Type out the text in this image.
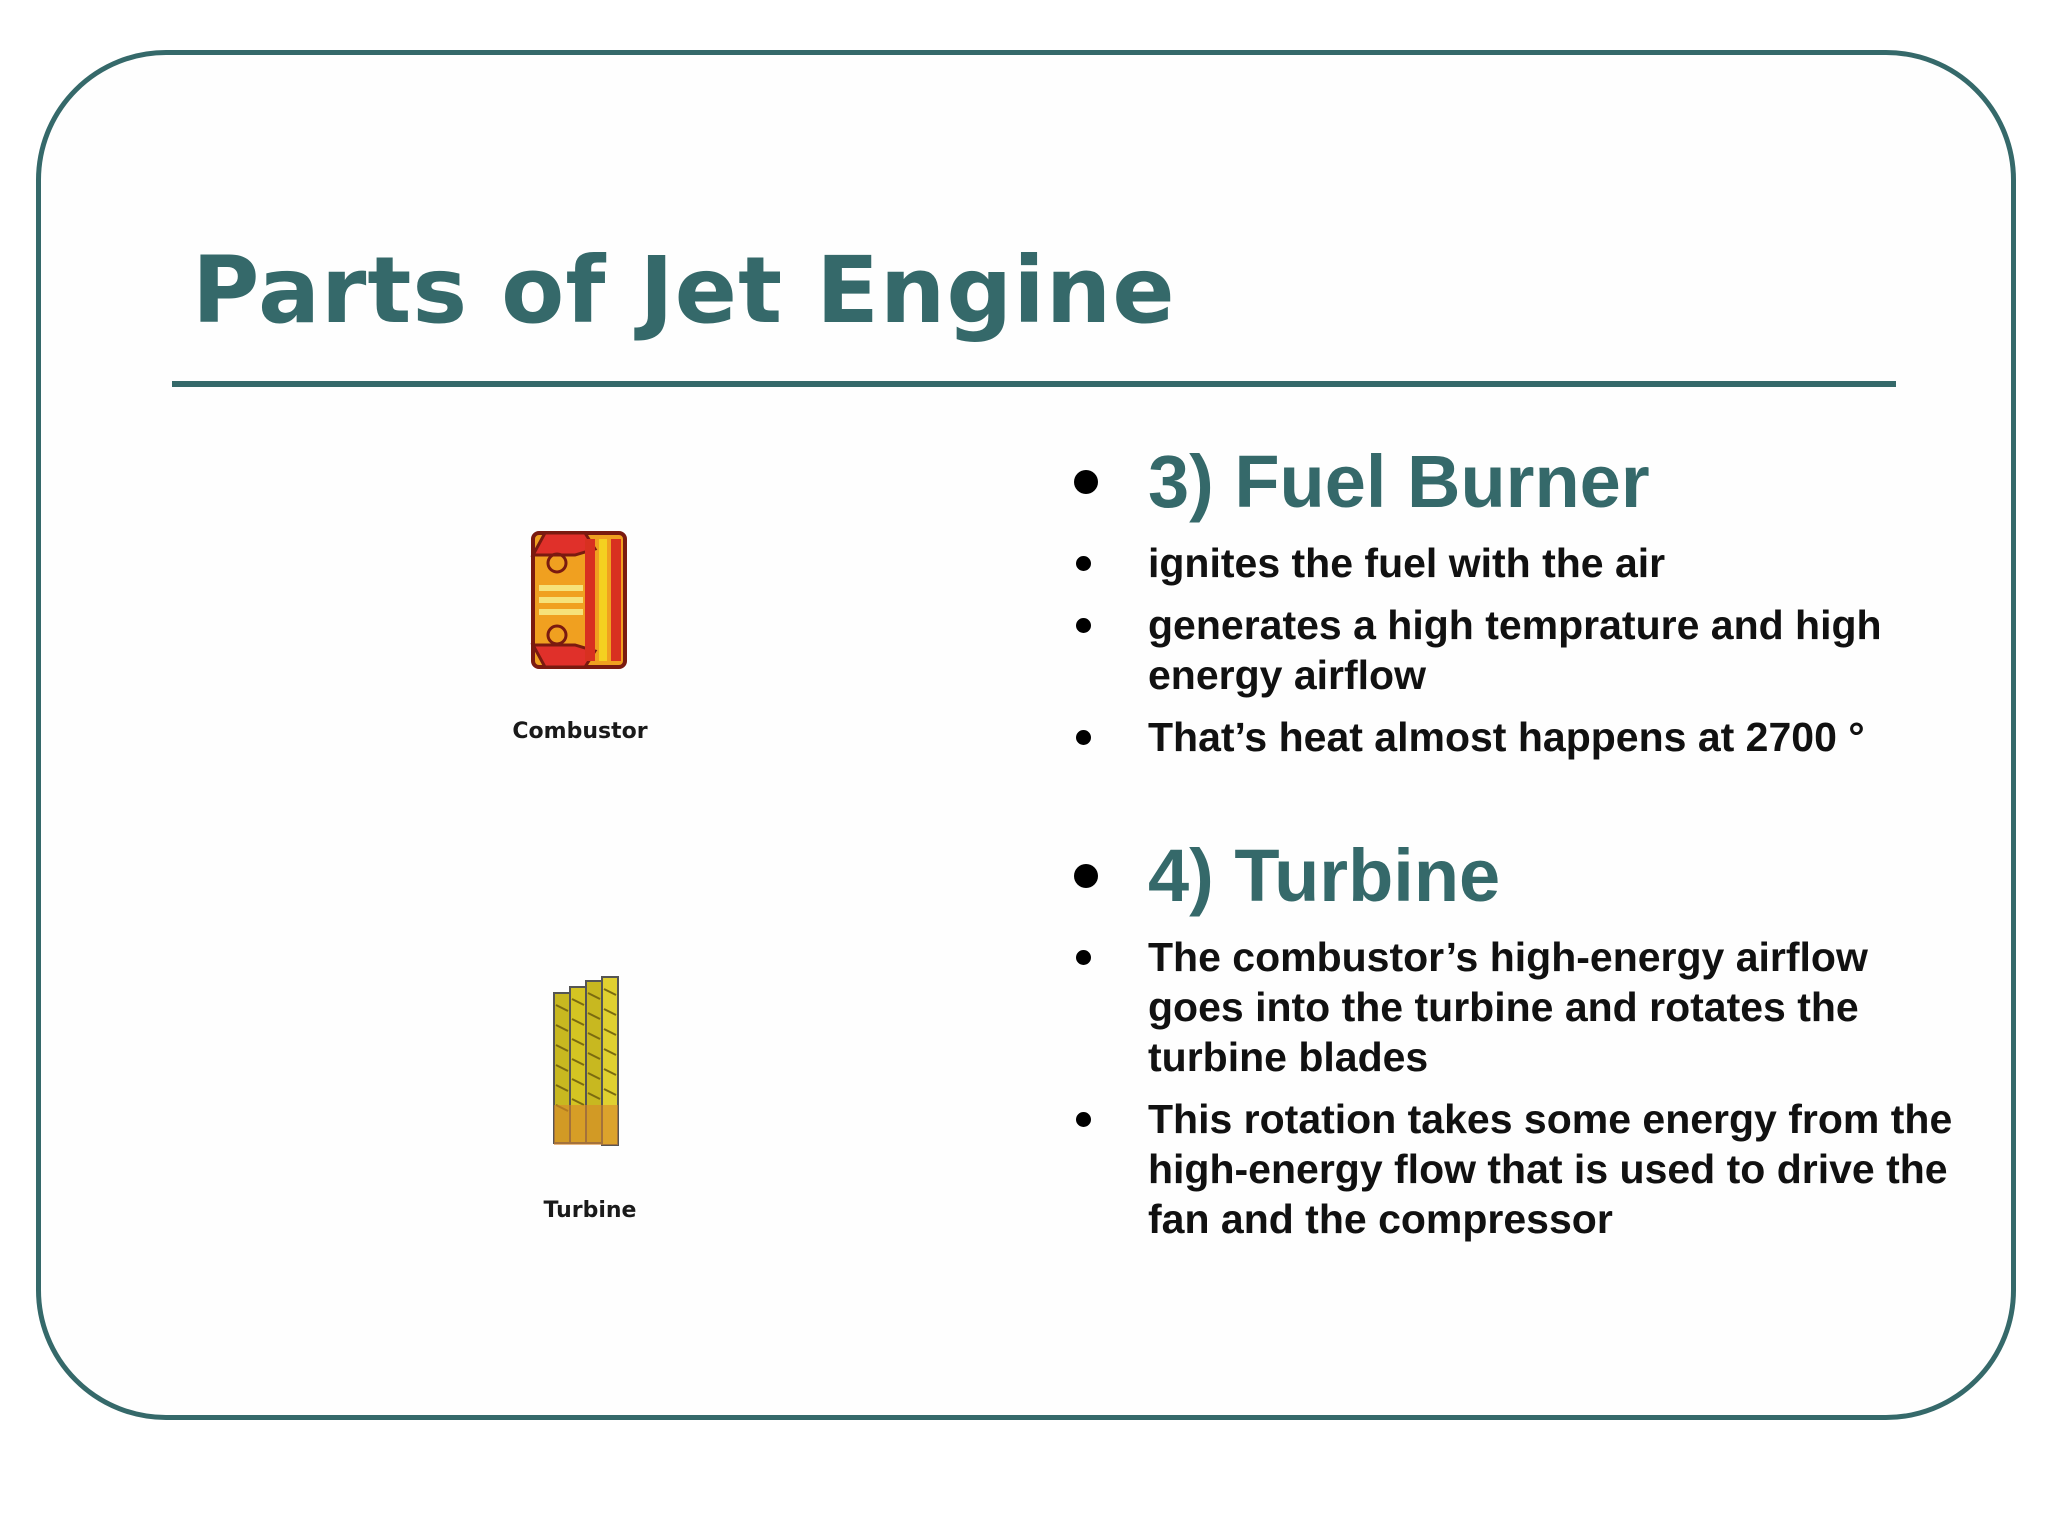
Parts of Jet Engine
Combustor
Turbine
3) Fuel Burner
ignites the fuel with the air
generates a high temprature and high energy airflow
That’s heat almost happens at 2700 °
4) Turbine
The combustor’s high-energy airflow goes into the turbine and rotates the turbine blades
This rotation takes some energy from the high-energy flow that is used to drive the fan and the compressor
